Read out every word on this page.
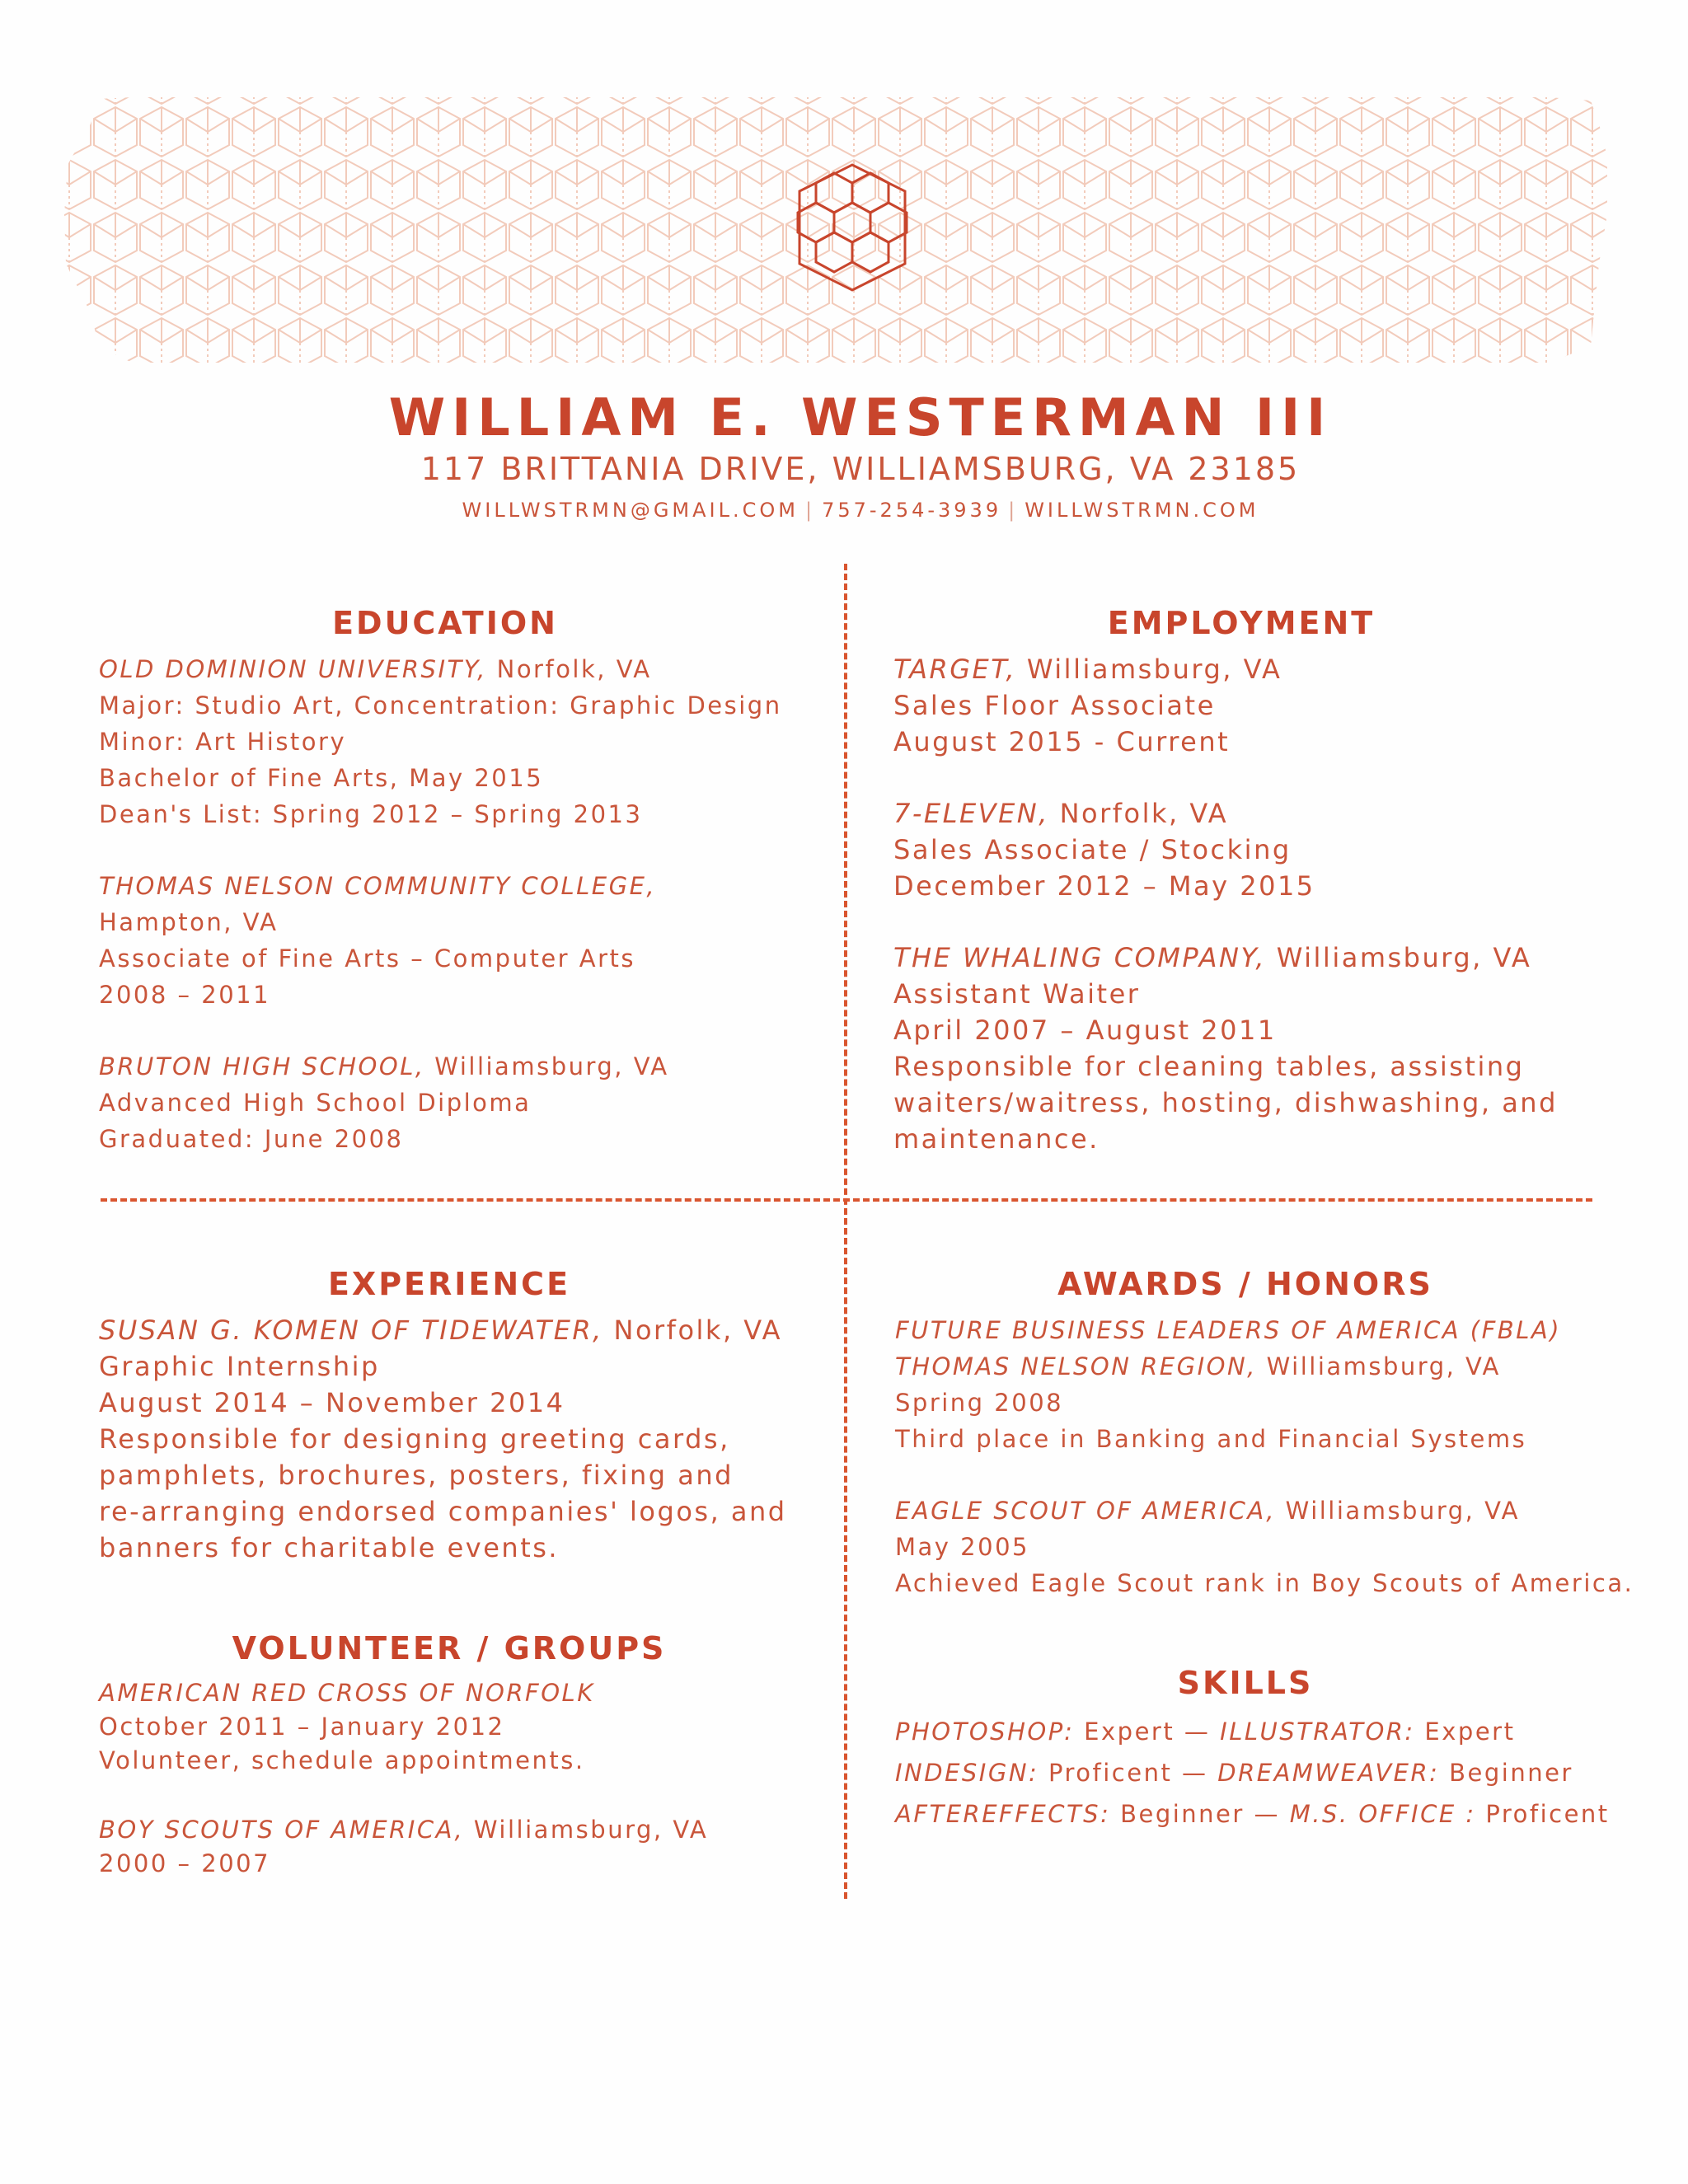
WILLIAM E. WESTERMAN III
117 BRITTANIA DRIVE, WILLIAMSBURG, VA 23185
WILLWSTRMN@GMAIL.COM | 757-254-3939 | WILLWSTRMN.COM
EDUCATION
OLD DOMINION UNIVERSITY, Norfolk, VA
Major: Studio Art, Concentration: Graphic Design
Minor: Art History
Bachelor of Fine Arts, May 2015
Dean's List: Spring 2012 – Spring 2013
THOMAS NELSON COMMUNITY COLLEGE,
Hampton, VA
Associate of Fine Arts – Computer Arts
2008 – 2011
BRUTON HIGH SCHOOL, Williamsburg, VA
Advanced High School Diploma
Graduated: June 2008
EMPLOYMENT
TARGET, Williamsburg, VA
Sales Floor Associate
August 2015 - Current
7-ELEVEN, Norfolk, VA
Sales Associate / Stocking
December 2012 – May 2015
THE WHALING COMPANY, Williamsburg, VA
Assistant Waiter
April 2007 – August 2011
Responsible for cleaning tables, assisting
waiters/waitress, hosting, dishwashing, and
maintenance.
EXPERIENCE
SUSAN G. KOMEN OF TIDEWATER, Norfolk, VA
Graphic Internship
August 2014 – November 2014
Responsible for designing greeting cards,
pamphlets, brochures, posters, fixing and
re-arranging endorsed companies' logos, and
banners for charitable events.
VOLUNTEER / GROUPS
AMERICAN RED CROSS OF NORFOLK
October 2011 – January 2012
Volunteer, schedule appointments.
BOY SCOUTS OF AMERICA, Williamsburg, VA
2000 – 2007
AWARDS / HONORS
FUTURE BUSINESS LEADERS OF AMERICA (FBLA)
THOMAS NELSON REGION, Williamsburg, VA
Spring 2008
Third place in Banking and Financial Systems
EAGLE SCOUT OF AMERICA, Williamsburg, VA
May 2005
Achieved Eagle Scout rank in Boy Scouts of America.
SKILLS
PHOTOSHOP: Expert — ILLUSTRATOR: Expert
INDESIGN: Proficent — DREAMWEAVER: Beginner
AFTEREFFECTS: Beginner — M.S. OFFICE : Proficent
